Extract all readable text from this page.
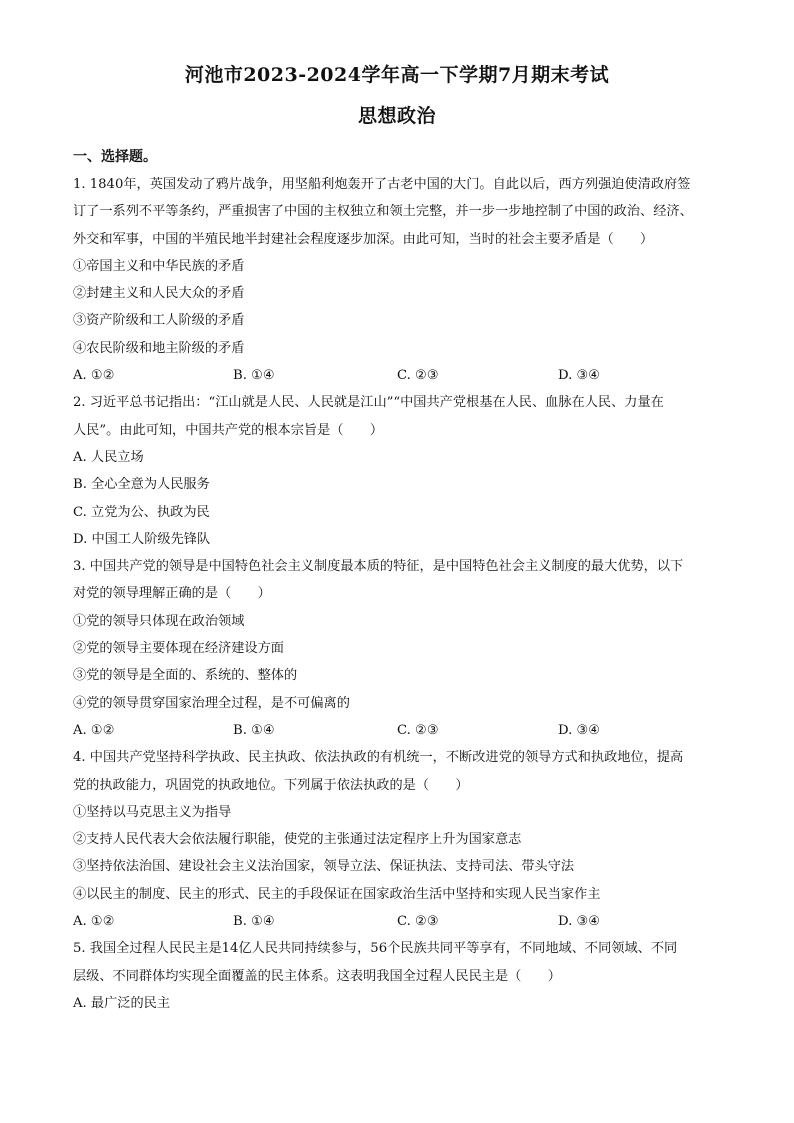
河池市2023-2024学年高一下学期7月期末考试
思想政治
一、选择题。
1. 1840年，英国发动了鸦片战争，用坚船利炮轰开了古老中国的大门。自此以后，西方列强迫使清政府签
订了一系列不平等条约，严重损害了中国的主权独立和领土完整，并一步一步地控制了中国的政治、经济、
外交和军事，中国的半殖民地半封建社会程度逐步加深。由此可知，当时的社会主要矛盾是（　　）
①帝国主义和中华民族的矛盾
②封建主义和人民大众的矛盾
③资产阶级和工人阶级的矛盾
④农民阶级和地主阶级的矛盾
A. ①②	B. ①④	C. ②③	D. ③④
2. 习近平总书记指出：“江山就是人民、人民就是江山”“中国共产党根基在人民、血脉在人民、力量在
人民”。由此可知，中国共产党的根本宗旨是（　　）
A. 人民立场
B. 全心全意为人民服务
C. 立党为公、执政为民
D. 中国工人阶级先锋队
3. 中国共产党的领导是中国特色社会主义制度最本质的特征，是中国特色社会主义制度的最大优势，以下
对党的领导理解正确的是（　　）
①党的领导只体现在政治领域
②党的领导主要体现在经济建设方面
③党的领导是全面的、系统的、整体的
④党的领导贯穿国家治理全过程，是不可偏离的
A. ①②	B. ①④	C. ②③	D. ③④
4. 中国共产党坚持科学执政、民主执政、依法执政的有机统一，不断改进党的领导方式和执政地位，提高
党的执政能力，巩固党的执政地位。下列属于依法执政的是（　　）
①坚持以马克思主义为指导
②支持人民代表大会依法履行职能，使党的主张通过法定程序上升为国家意志
③坚持依法治国、建设社会主义法治国家，领导立法、保证执法、支持司法、带头守法
④以民主的制度、民主的形式、民主的手段保证在国家政治生活中坚持和实现人民当家作主
A. ①②	B. ①④	C. ②③	D. ③④
5. 我国全过程人民民主是14亿人民共同持续参与，56个民族共同平等享有，不同地域、不同领域、不同
层级、不同群体均实现全面覆盖的民主体系。这表明我国全过程人民民主是（　　）
A. 最广泛的民主
